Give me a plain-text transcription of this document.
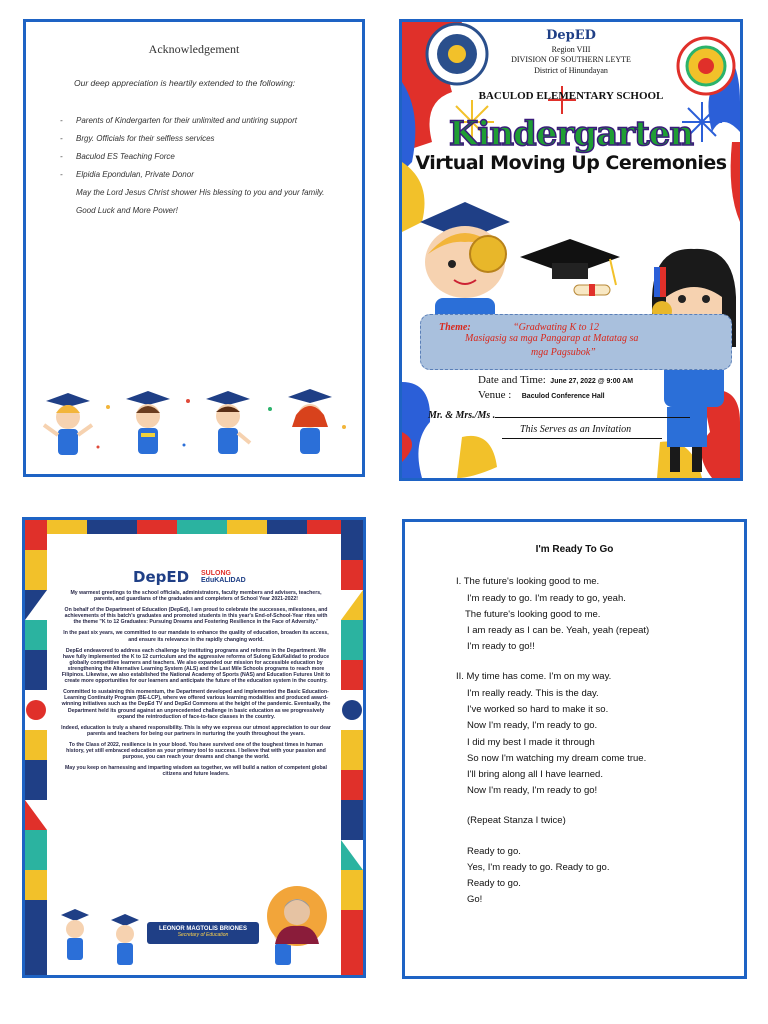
Acknowledgement
Our deep appreciation is heartily extended to the following:
-	Parents of Kindergarten for their unlimited and untiring support
-	Brgy. Officials for their selfless services
-	Baculod ES Teaching Force
-	Elpidia Epondulan, Private Donor
May the Lord Jesus Christ shower His blessing to you and your family.
Good Luck and More Power!
DepED
Region VIII
DIVISION OF SOUTHERN LEYTE
District of Hinundayan
BACULOD ELEMENTARY SCHOOL
Kindergarten
Virtual Moving Up Ceremonies
Theme:	“Gradwating K to 12
Masigasig sa mga Pangarap at Matatag sa
mga Pagsubok”
Date and Time: June 27, 2022 @ 9:00 AM
Venue : Baculod Conference Hall
Mr. & Mrs./Ms .
This Serves as an Invitation
DepED SULONG
EduKALIDAD

My warmest greetings to the school officials, administrators, faculty members and advisers, teachers, parents, and guardians of the graduates and completers of School Year 2021-2022!

On behalf of the Department of Education (DepEd), I am proud to celebrate the successes, milestones, and achievements of this batch's graduates and promoted students in this year's End-of-School-Year rites with the theme "K to 12 Graduates: Pursuing Dreams and Fostering Resilience in the Face of Adversity."

In the past six years, we committed to our mandate to enhance the quality of education, broaden its access, and ensure its relevance in the rapidly changing world.

DepEd endeavored to address each challenge by instituting programs and reforms in the Department. We have fully implemented the K to 12 curriculum and the aggressive reforms of Sulong EduKalidad to produce globally competitive learners and teachers. We also expanded our mission for accessible education by strengthening the Alternative Learning System (ALS) and the Last Mile Schools programs to reach more Filipinos. Likewise, we also established the National Academy of Sports (NAS) and Education Futures Unit to create more opportunities for our learners and anticipate the future of the education system in the country.

Committed to sustaining this momentum, the Department developed and implemented the Basic Education-Learning Continuity Program (BE-LCP), where we offered various learning modalities and produced award-winning initiatives such as the DepEd TV and DepEd Commons at the height of the pandemic. Eventually, the Department held its ground against an unprecedented challenge in basic education as we progressively expand the reintroduction of face-to-face classes in the country.

Indeed, education is truly a shared responsibility. This is why we express our utmost appreciation to our dear parents and teachers for being our partners in nurturing the youth throughout the years.

To the Class of 2022, resilience is in your blood. You have survived one of the toughest times in human history, yet still embraced education as your primary tool to success. I believe that with your passion and purpose, you can reach your dreams and change the world.

May you keep on harnessing and imparting wisdom as together, we will build a nation of competent global citizens and future leaders.

LEONOR MAGTOLIS BRIONES
Secretary of Education
I'm Ready To Go
I. The future's looking good to me.
I'm ready to go. I'm ready to go, yeah.
The future's looking good to me.
I am ready as I can be. Yeah, yeah (repeat)
I'm ready to go!!
II. My time has come. I'm on my way.
I'm really ready. This is the day.
I've worked so hard to make it so.
Now I'm ready, I'm ready to go.
I did my best I made it through
So now I'm watching my dream come true.
I'll bring along all I have learned.
Now I'm ready, I'm ready to go!
(Repeat Stanza I twice)
Ready to go.
Yes, I'm ready to go. Ready to go.
Ready to go.
Go!
